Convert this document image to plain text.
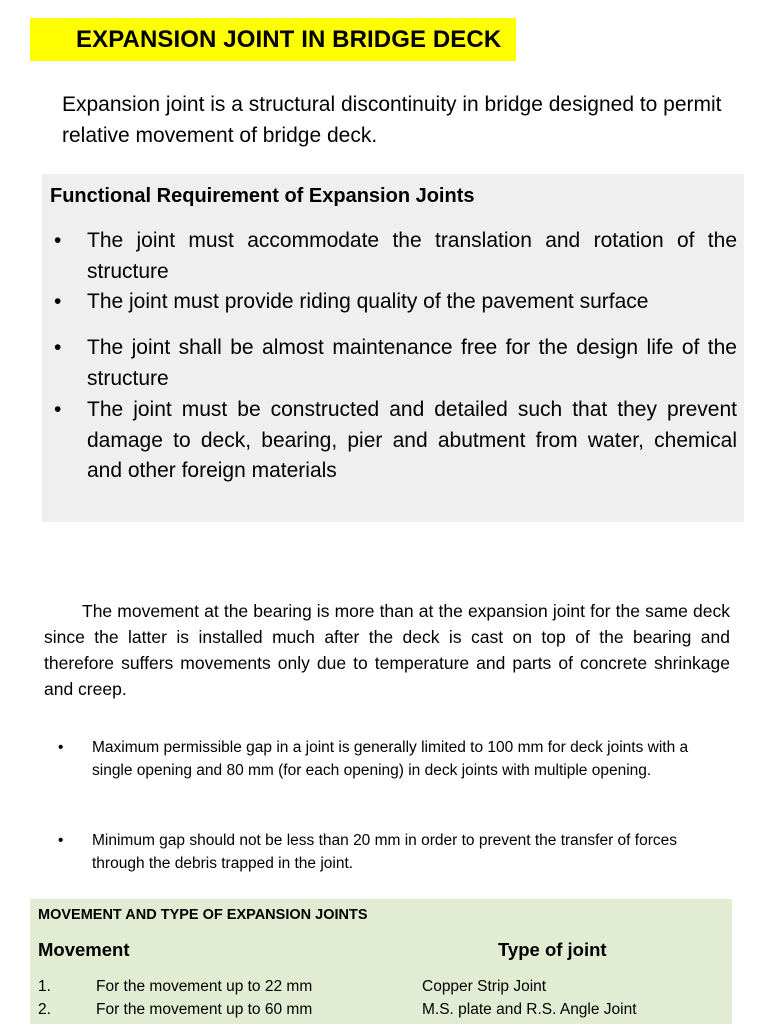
EXPANSION JOINT IN BRIDGE DECK
Expansion joint is a structural discontinuity in bridge designed to permit relative movement of bridge deck.
Functional Requirement of Expansion Joints
•	The joint must accommodate the translation and rotation of the structure
•	The joint must provide riding quality of the pavement surface
•	The joint shall be almost maintenance free for the design life of the structure
•	The joint must be constructed and detailed such that they prevent damage to deck, bearing, pier and abutment from water, chemical and other foreign materials
The movement at the bearing is more than at the expansion joint for the same deck since the latter is installed much after the deck is cast on top of the bearing and therefore suffers movements only due to temperature and parts of concrete shrinkage and creep.
• Maximum permissible gap in a joint is generally limited to 100 mm for deck joints with a single opening and 80 mm (for each opening) in deck joints with multiple opening.
• Minimum gap should not be less than 20 mm in order to prevent the transfer of forces through the debris trapped in the joint.
MOVEMENT AND TYPE OF EXPANSION JOINTS
Movement	Type of joint
1.	For the movement up to 22 mm	Copper Strip Joint
2.	For the movement up to 60 mm	M.S. plate and R.S. Angle Joint
